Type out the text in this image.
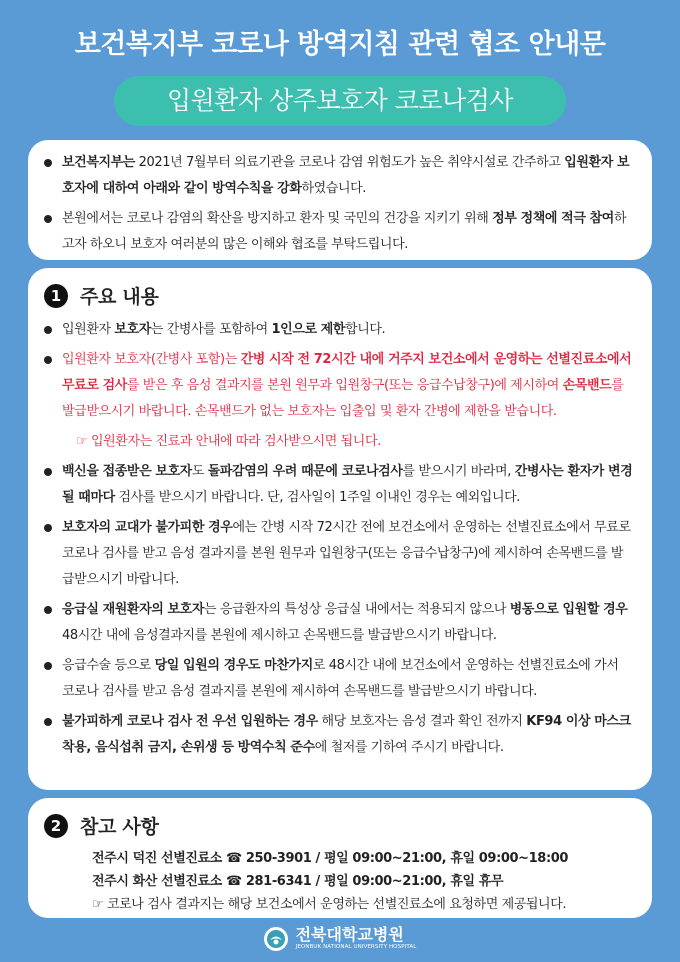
보건복지부 코로나 방역지침 관련 협조 안내문
입원환자 상주보호자 코로나검사
보건복지부는 2021년 7월부터 의료기관을 코로나 감염 위험도가 높은 취약시설로 간주하고 입원환자 보호자에 대하여 아래와 같이 방역수칙을 강화하였습니다.
본원에서는 코로나 감염의 확산을 방지하고 환자 및 국민의 건강을 지키기 위해 정부 정책에 적극 참여하고자 하오니 보호자 여러분의 많은 이해와 협조를 부탁드립니다.
1 주요 내용
입원환자 보호자는 간병사를 포함하여 1인으로 제한합니다.
입원환자 보호자(간병사 포함)는 간병 시작 전 72시간 내에 거주지 보건소에서 운영하는 선별진료소에서 무료로 검사를 받은 후 음성 결과지를 본원 원무과 입원창구(또는 응급수납창구)에 제시하여 손목밴드를 발급받으시기 바랍니다. 손목밴드가 없는 보호자는 입출입 및 환자 간병에 제한을 받습니다.
☞ 입원환자는 진료과 안내에 따라 검사받으시면 됩니다.
백신을 접종받은 보호자도 돌파감염의 우려 때문에 코로나검사를 받으시기 바라며, 간병사는 환자가 변경될 때마다 검사를 받으시기 바랍니다. 단, 검사일이 1주일 이내인 경우는 예외입니다.
보호자의 교대가 불가피한 경우에는 간병 시작 72시간 전에 보건소에서 운영하는 선별진료소에서 무료로 코로나 검사를 받고 음성 결과지를 본원 원무과 입원창구(또는 응급수납창구)에 제시하여 손목밴드를 발급받으시기 바랍니다.
응급실 재원환자의 보호자는 응급환자의 특성상 응급실 내에서는 적용되지 않으나 병동으로 입원할 경우 48시간 내에 음성결과지를 본원에 제시하고 손목밴드를 발급받으시기 바랍니다.
응급수술 등으로 당일 입원의 경우도 마찬가지로 48시간 내에 보건소에서 운영하는 선별진료소에 가서 코로나 검사를 받고 음성 결과지를 본원에 제시하여 손목밴드를 발급받으시기 바랍니다.
불가피하게 코로나 검사 전 우선 입원하는 경우 해당 보호자는 음성 결과 확인 전까지 KF94 이상 마스크 착용, 음식섭취 금지, 손위생 등 방역수칙 준수에 철저를 기하여 주시기 바랍니다.
2 참고 사항
전주시 덕진 선별진료소 ☎ 250-3901 / 평일 09:00~21:00, 휴일 09:00~18:00
전주시 화산 선별진료소 ☎ 281-6341 / 평일 09:00~21:00, 휴일 휴무
☞ 코로나 검사 결과지는 해당 보건소에서 운영하는 선별진료소에 요청하면 제공됩니다.
전북대학교병원
JEONBUK NATIONAL UNIVERSITY HOSPITAL
